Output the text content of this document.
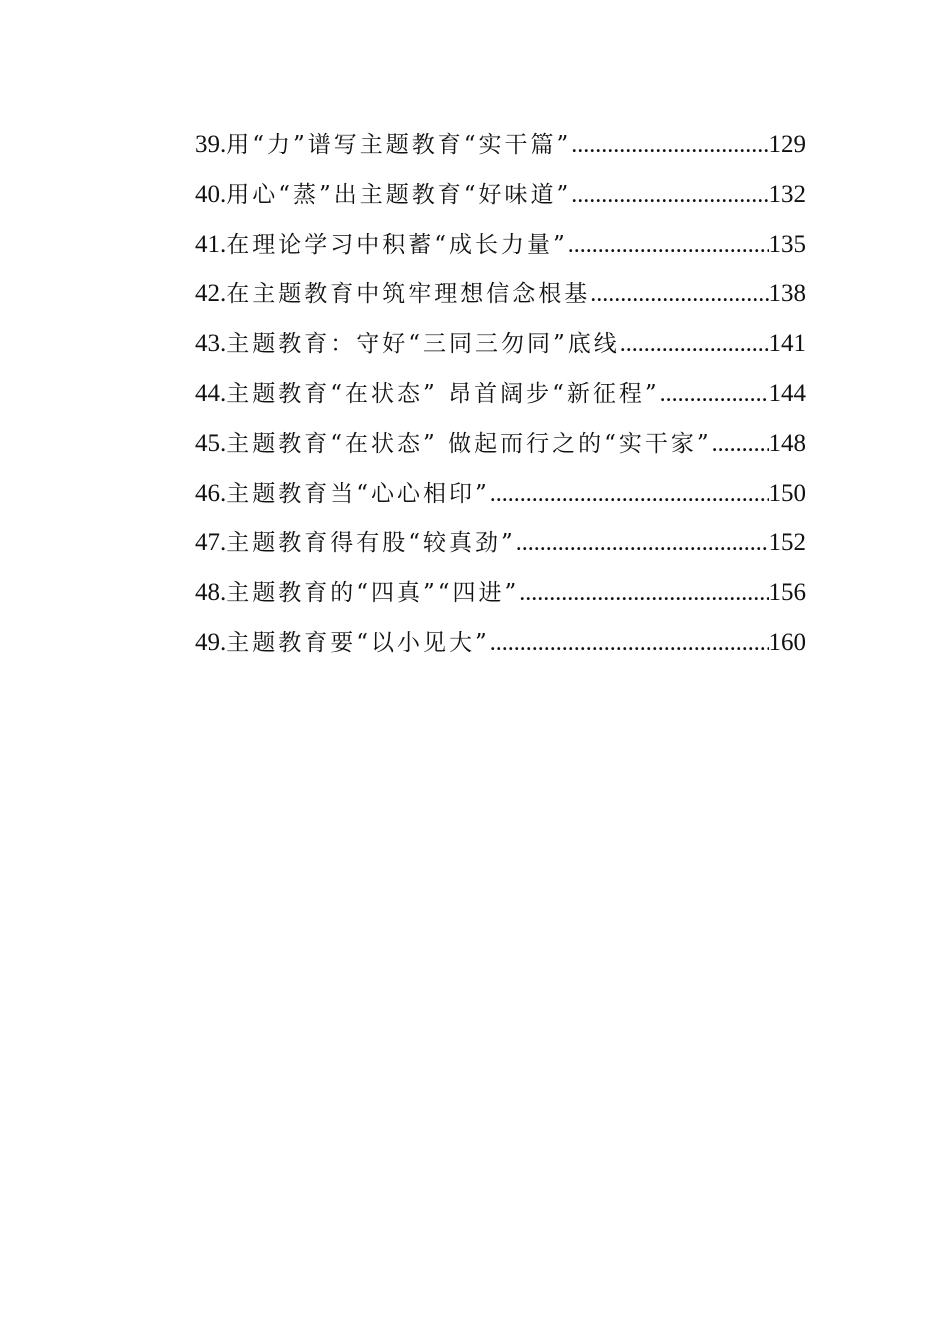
39. 用“力”谱写主题教育“实干篇” .....	129
40. 用心“蒸”出主题教育“好味道” .....	132
41. 在理论学习中积蓄“成长力量” .....	135
42. 在主题教育中筑牢理想信念根基 .....	138
43. 主题教育：守好“三同三勿同”底线 .....	141
44. 主题教育“在状态” 昂首阔步“新征程” .....	144
45. 主题教育“在状态” 做起而行之的“实干家” ..... 148
46. 主题教育当“心心相印” .....	150
47. 主题教育得有股“较真劲” .....	152
48. 主题教育的“四真”“四进” .....	156
49. 主题教育要“以小见大” .....	160
